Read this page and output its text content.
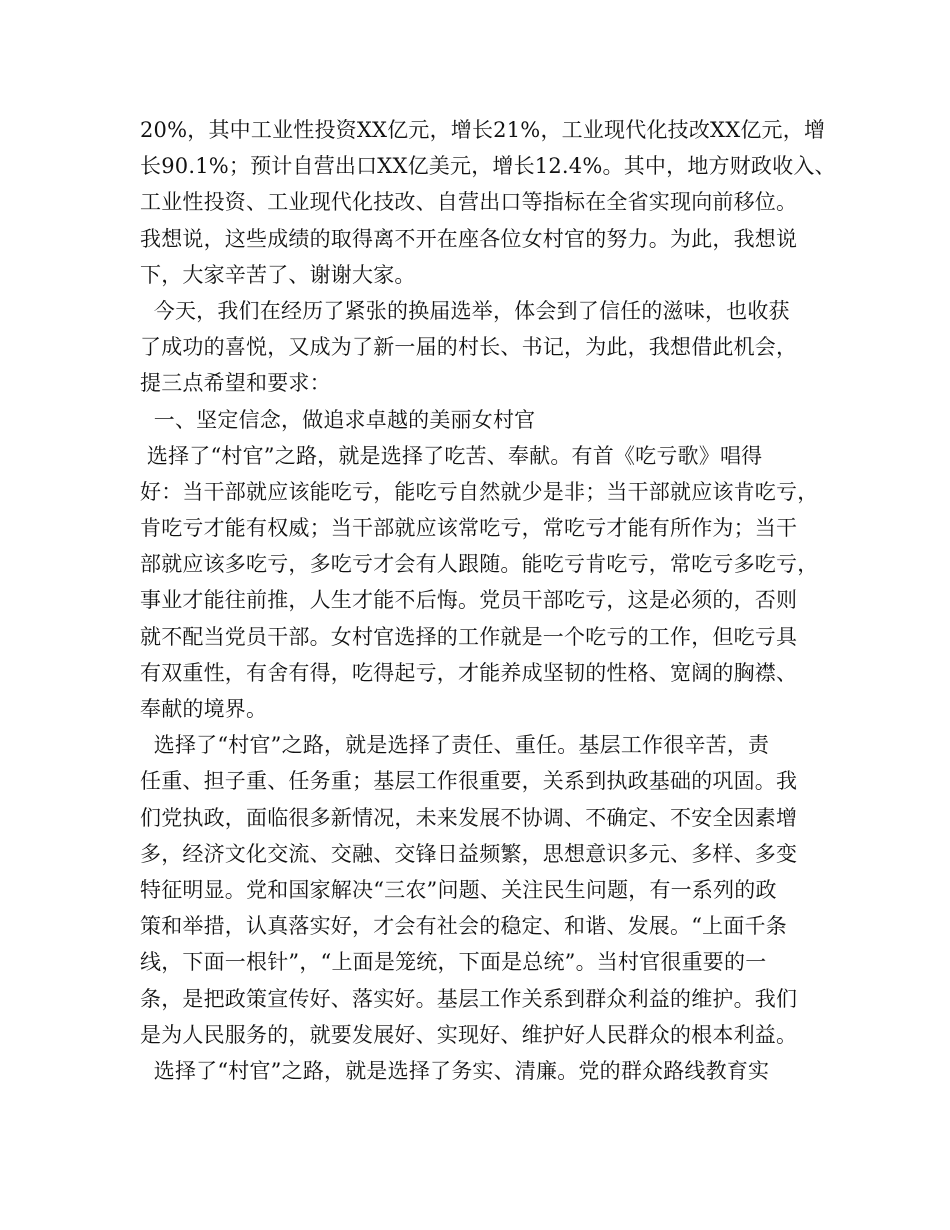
20%，其中工业性投资XX亿元，增长21%，工业现代化技改XX亿元，增
长90.1%；预计自营出口XX亿美元，增长12.4%。其中，地方财政收入、
工业性投资、工业现代化技改、自营出口等指标在全省实现向前移位。
我想说，这些成绩的取得离不开在座各位女村官的努力。为此，我想说
下，大家辛苦了、谢谢大家。
今天，我们在经历了紧张的换届选举，体会到了信任的滋味，也收获
了成功的喜悦，又成为了新一届的村长、书记，为此，我想借此机会，
提三点希望和要求：
一、坚定信念，做追求卓越的美丽女村官
选择了“村官”之路，就是选择了吃苦、奉献。有首《吃亏歌》唱得
好：当干部就应该能吃亏，能吃亏自然就少是非；当干部就应该肯吃亏，
肯吃亏才能有权威；当干部就应该常吃亏，常吃亏才能有所作为；当干
部就应该多吃亏，多吃亏才会有人跟随。能吃亏肯吃亏，常吃亏多吃亏，
事业才能往前推，人生才能不后悔。党员干部吃亏，这是必须的，否则
就不配当党员干部。女村官选择的工作就是一个吃亏的工作，但吃亏具
有双重性，有舍有得，吃得起亏，才能养成坚韧的性格、宽阔的胸襟、
奉献的境界。
选择了“村官”之路，就是选择了责任、重任。基层工作很辛苦，责
任重、担子重、任务重；基层工作很重要，关系到执政基础的巩固。我
们党执政，面临很多新情况，未来发展不协调、不确定、不安全因素增
多，经济文化交流、交融、交锋日益频繁，思想意识多元、多样、多变
特征明显。党和国家解决“三农”问题、关注民生问题，有一系列的政
策和举措，认真落实好，才会有社会的稳定、和谐、发展。“上面千条
线，下面一根针”，“上面是笼统，下面是总统”。当村官很重要的一
条，是把政策宣传好、落实好。基层工作关系到群众利益的维护。我们
是为人民服务的，就要发展好、实现好、维护好人民群众的根本利益。
选择了“村官”之路，就是选择了务实、清廉。党的群众路线教育实
